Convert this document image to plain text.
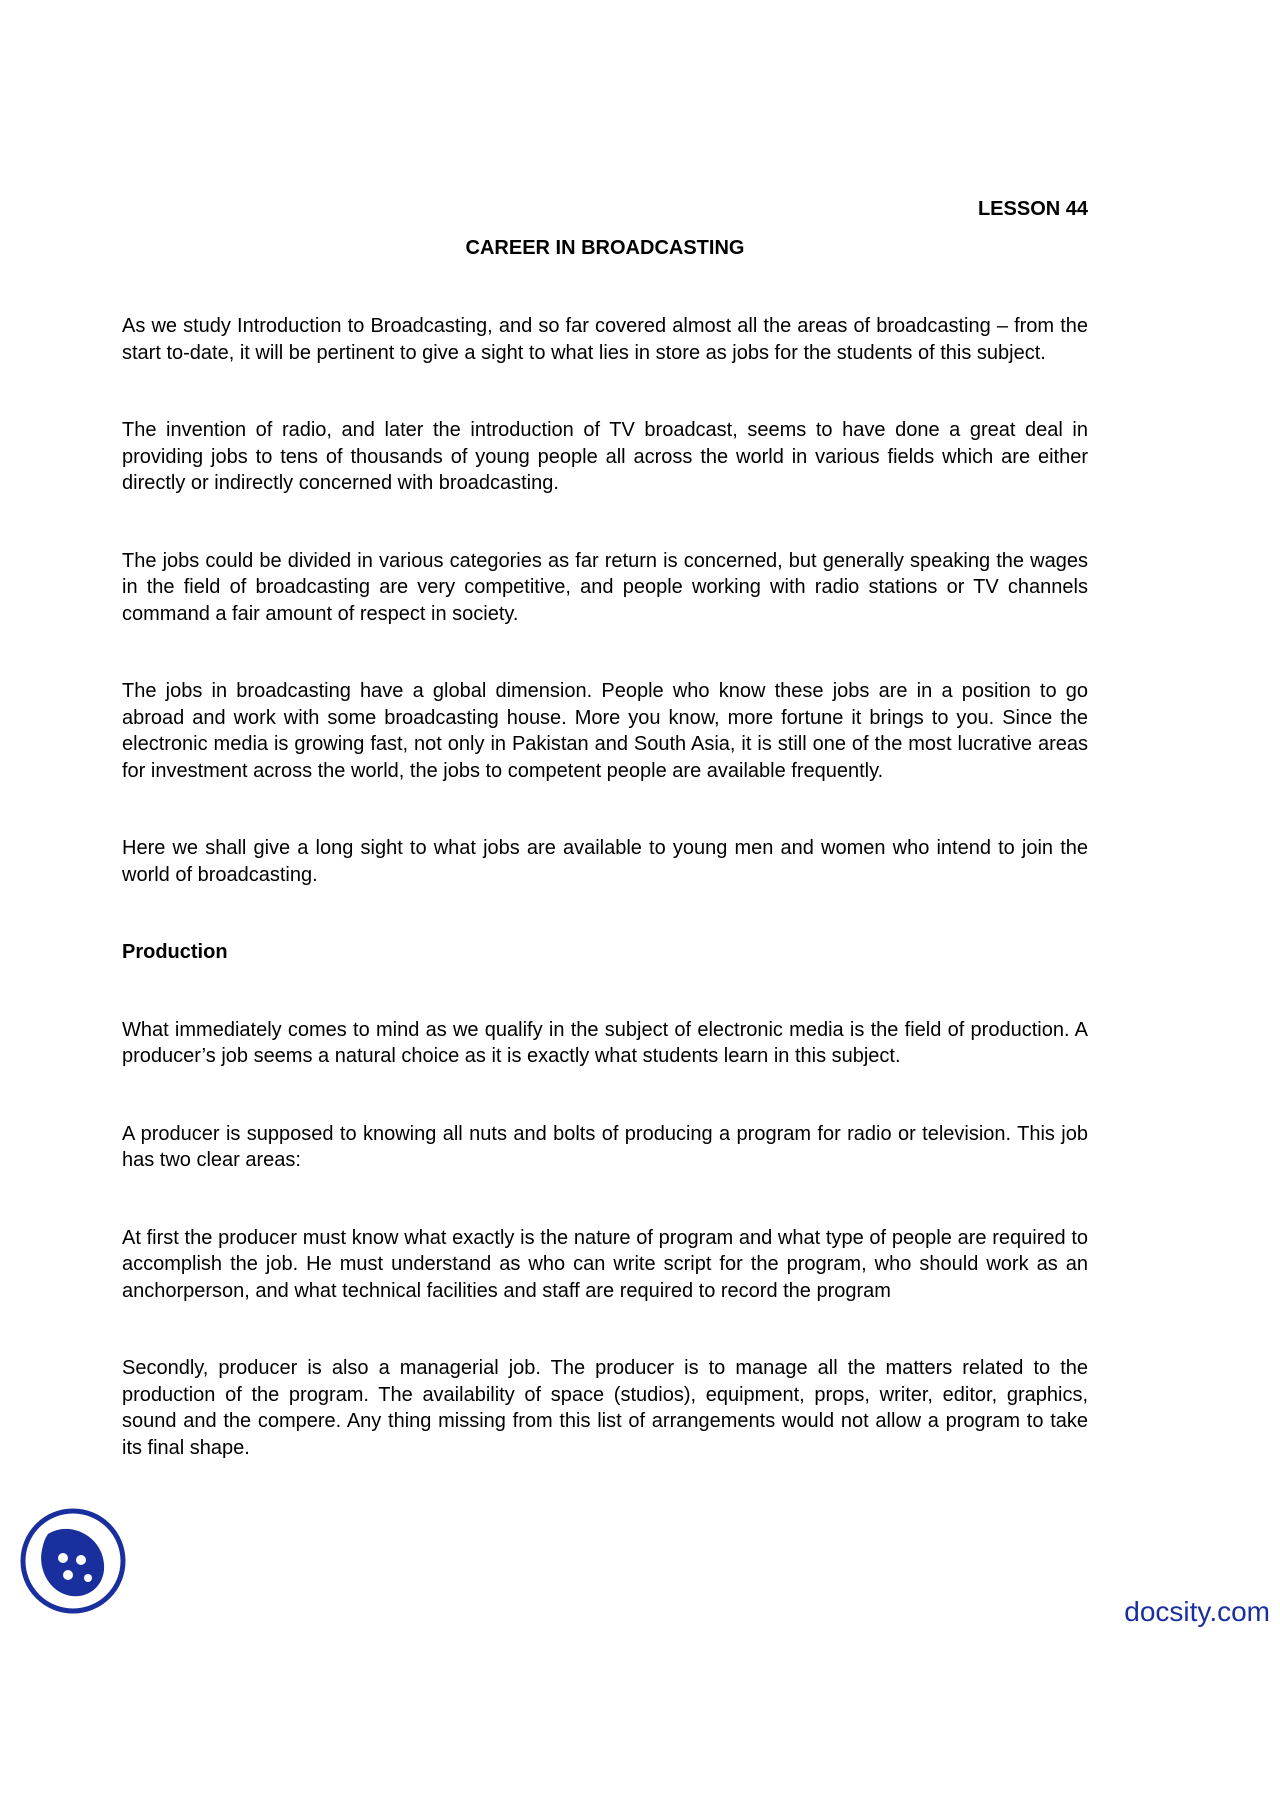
LESSON 44
CAREER IN BROADCASTING

As we study Introduction to Broadcasting, and so far covered almost all the areas of broadcasting – from the start to-date, it will be pertinent to give a sight to what lies in store as jobs for the students of this subject.

The invention of radio, and later the introduction of TV broadcast, seems to have done a great deal in providing jobs to tens of thousands of young people all across the world in various fields which are either directly or indirectly concerned with broadcasting.

The jobs could be divided in various categories as far return is concerned, but generally speaking the wages in the field of broadcasting are very competitive, and people working with radio stations or TV channels command a fair amount of respect in society.

The jobs in broadcasting have a global dimension. People who know these jobs are in a position to go abroad and work with some broadcasting house. More you know, more fortune it brings to you. Since the electronic media is growing fast, not only in Pakistan and South Asia, it is still one of the most lucrative areas for investment across the world, the jobs to competent people are available frequently.

Here we shall give a long sight to what jobs are available to young men and women who intend to join the world of broadcasting.

Production

What immediately comes to mind as we qualify in the subject of electronic media is the field of production. A producer’s job seems a natural choice as it is exactly what students learn in this subject.

A producer is supposed to knowing all nuts and bolts of producing a program for radio or television. This job has two clear areas:

At first the producer must know what exactly is the nature of program and what type of people are required to accomplish the job. He must understand as who can write script for the program, who should work as an anchorperson, and what technical facilities and staff are required to record the program

Secondly, producer is also a managerial job. The producer is to manage all the matters related to the production of the program. The availability of space (studios), equipment, props, writer, editor, graphics, sound and the compere. Any thing missing from this list of arrangements would not allow a program to take its final shape.

docsity.com
